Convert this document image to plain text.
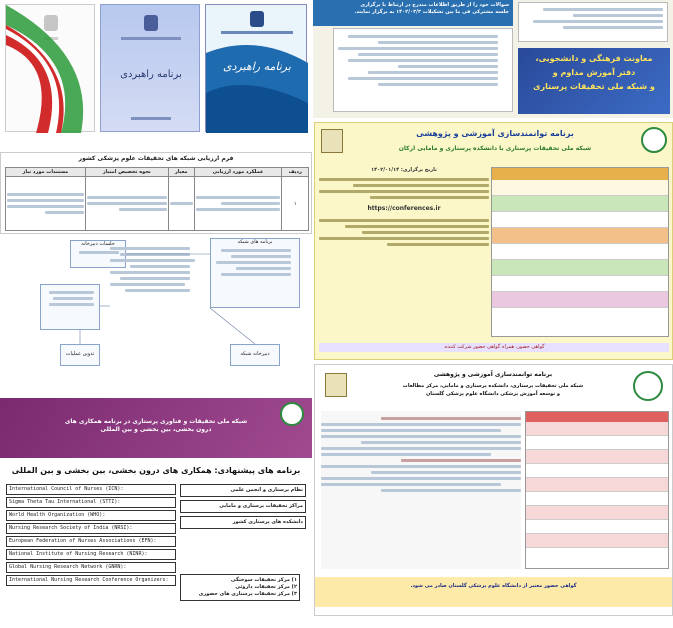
برنامه راهبردی
برنامه راهبردی
سوالات خود را از طریق اطلاعات مندرج در ارتباط با برگزاری
جلسه مشترکی فی ما بین تشکیلات ۱۴۰۲/۰۳/۳ به برگزار نمایند.
معاونت فرهنگی و دانشجویی،
دفتر آموزش مداوم و
و شبکه ملی تحقیقات پرستاری
فرم ارزیابی شبکه های تحقیقات علوم پزشکی کشور
ردیف	عملکرد مورد ارزیابی	معیار	نحوه تخصیص امتیاز	مستندات مورد نیاز
۱	

جلسات دبیرخانه	برنامه های شبکه
تدوین عملیات	دبیرخانه شبکه
برنامه توانمندسازی آموزشی و پژوهشی
شبکه ملی تحقیقات پرستاری با دانشکده پرستاری و مامایی ارکان
تاریخ برگزاری: ۱۴۰۲/۰۱/۱۴
https://conferences.ir
گواهی حضور، همراه گواهی حضور شرکت کننده.
شبکه ملی تحقیقات و فناوری پرستاری در برنامه همکاری های
درون بخشی، بین بخشی و بین المللی
برنامه های پیشنهادی: همکاری های درون بخشی، بین بخشی و بین المللی
International Council of Nurses (ICN):
Sigma Theta Tau International (STTI):
World Health Organization (WHO):
Nursing Research Society of India (NRSI):
European Federation of Nurses Associations (EFN):
National Institute of Nursing Research (NINR):
Global Nursing Research Network (GNRN):
International Nursing Research Conference Organizers:
نظام پرستاری و انجمن علمی
مراکز تحقیقات پرستاری و مامایی
دانشکده های پرستاری کشور
۱) مرکز تحقیقات سوختگی
۲) مرکز تحقیقات داروئی
۳) مرکز تحقیقات پرستاری های حضوری
برنامه توانمندسازی آموزشی و پژوهشی
شبکه ملی تحقیقات پرستاری، دانشکده پرستاری و مامایی، مرکز مطالعات
و توسعه آموزش پزشکی دانشگاه علوم پزشکی گلستان
گواهی حضور معتبر از دانشگاه علوم پزشکی گلستان صادر می شود.
